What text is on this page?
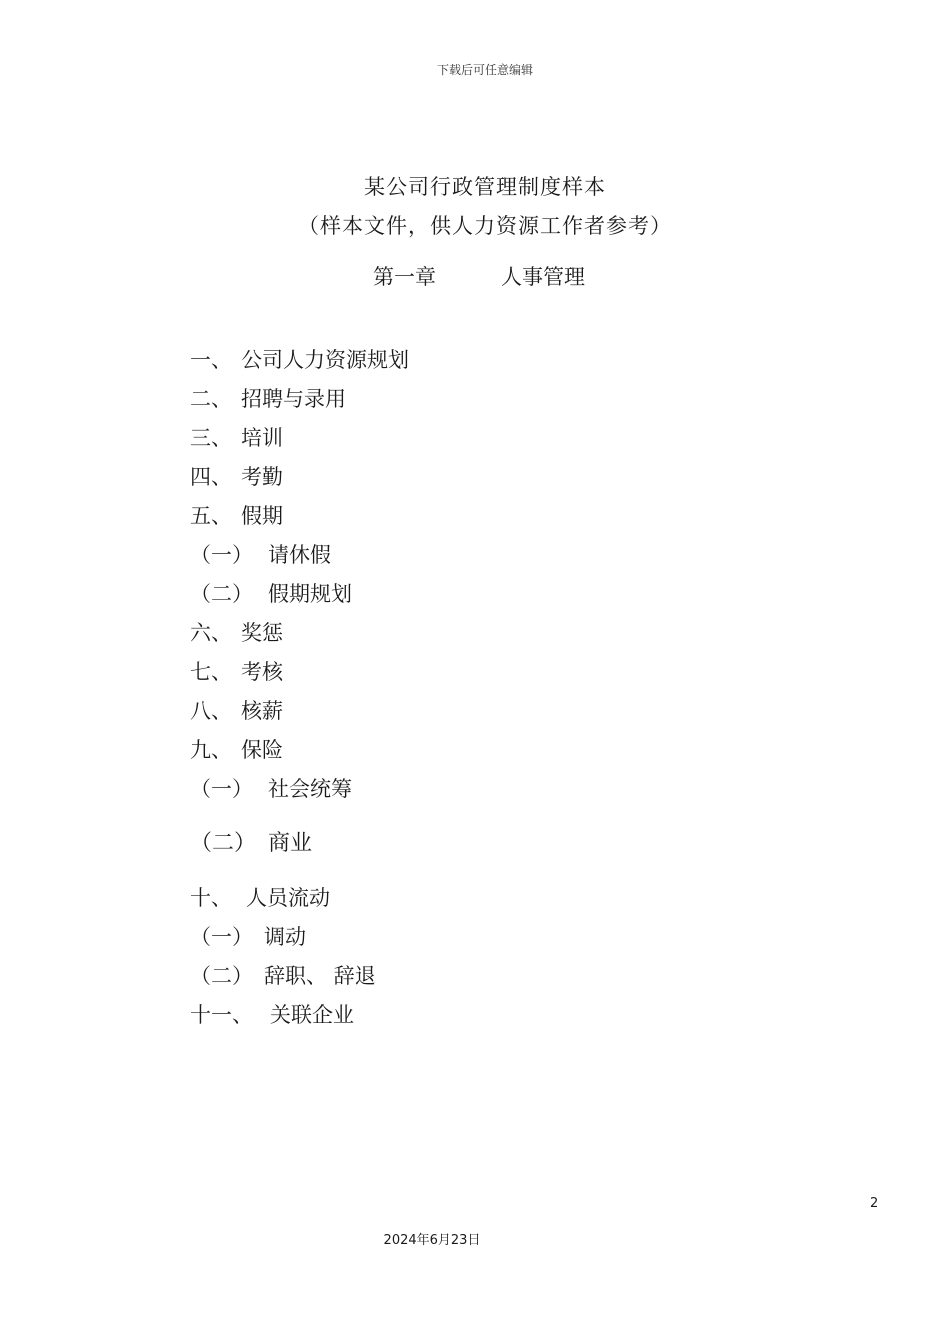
下载后可任意编辑
某公司行政管理制度样本
（样本文件，供人力资源工作者参考）
第一章	人事管理
一、 公司人力资源规划
二、 招聘与录用
三、 培训
四、 考勤
五、 假期
（一） 请休假
（二） 假期规划
六、 奖惩
七、 考核
八、 核薪
九、 保险
（一） 社会统筹
（二） 商业
十、 人员流动
（一） 调动
（二） 辞职、 辞退
十一、 关联企业
2
2024年6月23日
